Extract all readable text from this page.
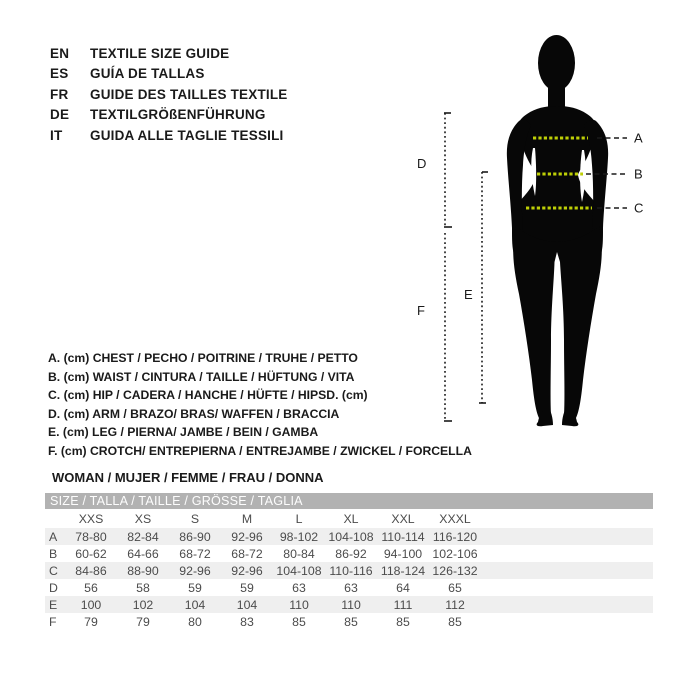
EN TEXTILE SIZE GUIDE
ES GUÍA DE TALLAS
FR GUIDE DES TAILLES TEXTILE
DE TEXTILGRÖßENFÜHRUNG
IT GUIDA ALLE TAGLIE TESSILI	A
B
C
D
E
F
A. (cm) CHEST / PECHO / POITRINE / TRUHE / PETTO
B. (cm) WAIST / CINTURA / TAILLE / HÜFTUNG / VITA
C. (cm) HIP / CADERA / HANCHE / HÜFTE / HIPSD. (cm)
D. (cm) ARM / BRAZO/ BRAS/ WAFFEN / BRACCIA
E. (cm) LEG / PIERNA/ JAMBE / BEIN / GAMBA
F. (cm) CROTCH/ ENTREPIERNA / ENTREJAMBE / ZWICKEL / FORCELLA
WOMAN / MUJER / FEMME / FRAU / DONNA
SIZE / TALLA / TAILLE / GRÖSSE / TAGLIA
XXS	XS	S	M	L	XL	XXL	XXXL
A	78-80	82-84	86-90	92-96	98-102 104-108 110-114 116-120
B	60-62	64-66	68-72	68-72	80-84	86-92	94-100 102-106
C	84-86	88-90	92-96	92-96	104-108 110-116 118-124 126-132
D	56	58	59	59	63	63	64	65
E	100	102	104	104	110	110	111	112
F	79	79	80	83	85	85	85	85
